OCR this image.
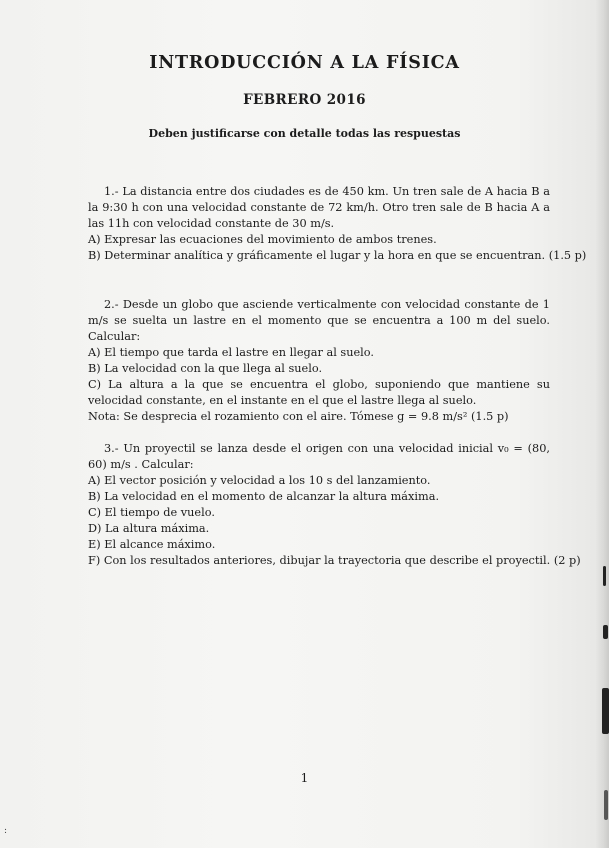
INTRODUCCIÓN A LA FÍSICA
FEBRERO 2016
Deben justificarse con detalle todas las respuestas
1.- La distancia entre dos ciudades es de 450 km. Un tren sale de A hacia B a la 9:30 h con una velocidad constante de 72 km/h. Otro tren sale de B hacia A a las 11h con velocidad constante de 30 m/s.
A) Expresar las ecuaciones del movimiento de ambos trenes.
B) Determinar analítica y gráficamente el lugar y la hora en que se encuentran. (1.5 p)
2.- Desde un globo que asciende verticalmente con velocidad constante de 1 m/s se suelta un lastre en el momento que se encuentra a 100 m del suelo. Calcular:
A) El tiempo que tarda el lastre en llegar al suelo.
B) La velocidad con la que llega al suelo.
C) La altura a la que se encuentra el globo, suponiendo que mantiene su velocidad constante, en el instante en el que el lastre llega al suelo.
Nota: Se desprecia el rozamiento con el aire. Tómese g = 9.8 m/s² (1.5 p)
3.- Un proyectil se lanza desde el origen con una velocidad inicial v₀ = (80, 60) m/s . Calcular:
A) El vector posición y velocidad a los 10 s del lanzamiento.
B) La velocidad en el momento de alcanzar la altura máxima.
C) El tiempo de vuelo.
D) La altura máxima.
E) El alcance máximo.
F) Con los resultados anteriores, dibujar la trayectoria que describe el proyectil. (2 p)
1
:
